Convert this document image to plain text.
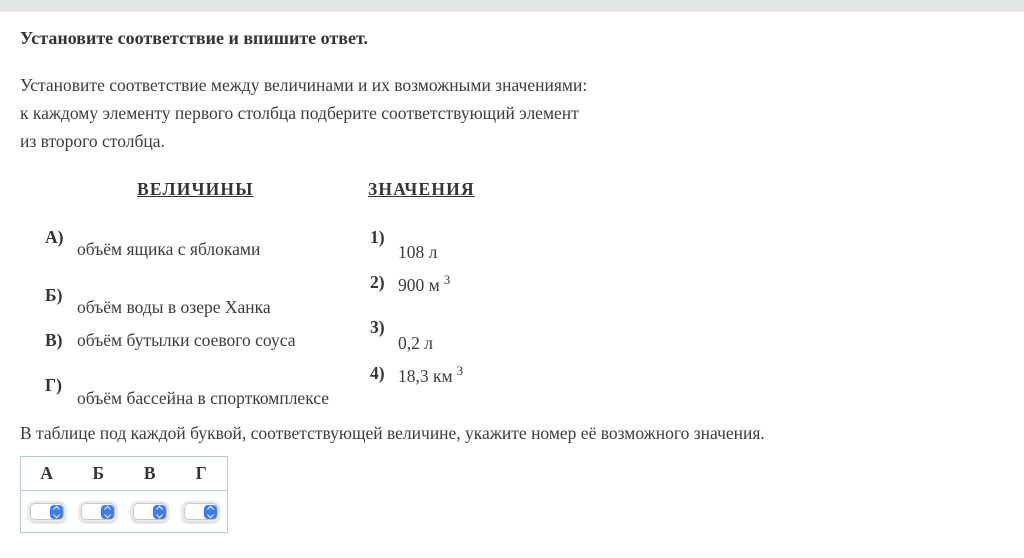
Установите соответствие и впишите ответ.
Установите соответствие между величинами и их возможными значениями:
к каждому элементу первого столбца подберите соответствующий элемент
из второго столбца.
ВЕЛИЧИНЫ	ЗНАЧЕНИЯ
А)
объём ящика с яблоками
Б)
объём воды в озере Ханка
В) объём бутылки соевого соуса
Г)
объём бассейна в спорткомплексе
1)
108 л
2) 900 м $^3$
3)
0,2 л
4) 18,3 км $^3$
В таблице под каждой буквой, соответствующей величине, укажите номер её возможного значения.
А	Б	В	Г
